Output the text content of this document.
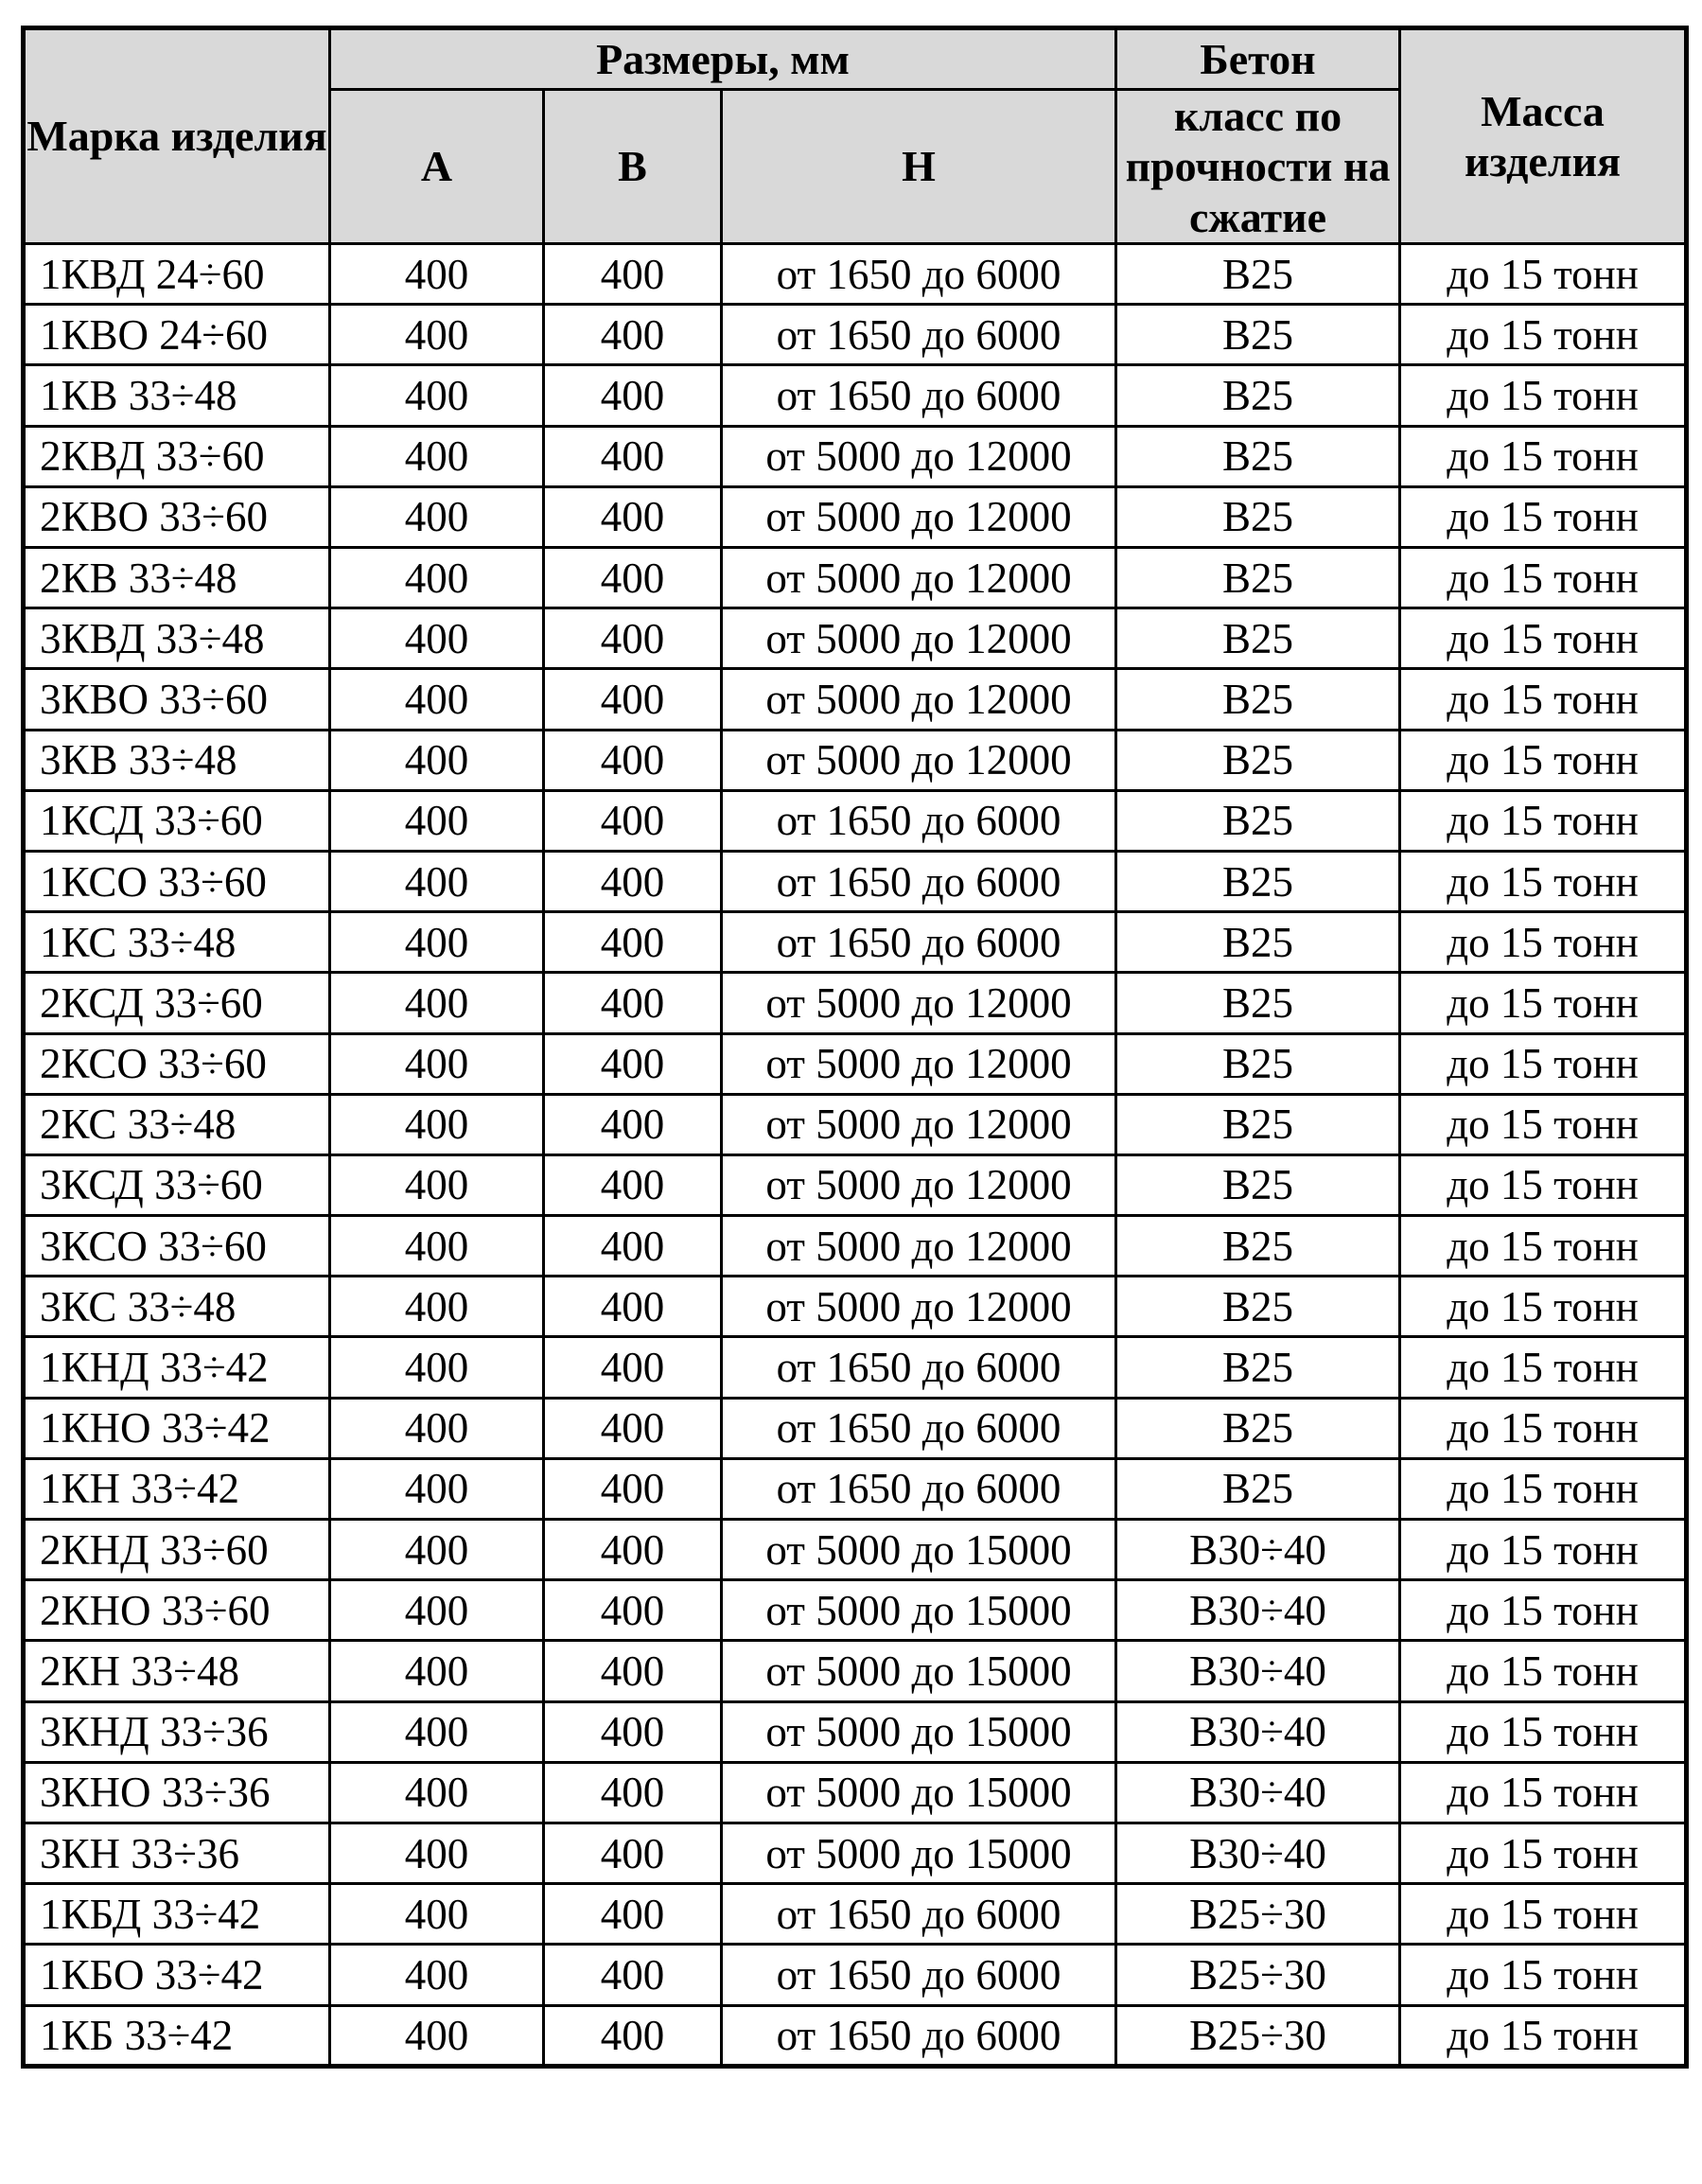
Марка изделия	Размеры, мм			Бетон	Масса изделия
	А	В	Н	класс по прочности на сжатие	
1КВД 24÷60	400	400	от 1650 до 6000	В25	до 15 тонн
1КВО 24÷60	400	400	от 1650 до 6000	В25	до 15 тонн
1КВ 33÷48	400	400	от 1650 до 6000	В25	до 15 тонн
2КВД 33÷60	400	400	от 5000 до 12000	В25	до 15 тонн
2КВО 33÷60	400	400	от 5000 до 12000	В25	до 15 тонн
2КВ 33÷48	400	400	от 5000 до 12000	В25	до 15 тонн
3КВД 33÷48	400	400	от 5000 до 12000	В25	до 15 тонн
3КВО 33÷60	400	400	от 5000 до 12000	В25	до 15 тонн
3КВ 33÷48	400	400	от 5000 до 12000	В25	до 15 тонн
1КСД 33÷60	400	400	от 1650 до 6000	В25	до 15 тонн
1КСО 33÷60	400	400	от 1650 до 6000	В25	до 15 тонн
1КС 33÷48	400	400	от 1650 до 6000	В25	до 15 тонн
2КСД 33÷60	400	400	от 5000 до 12000	В25	до 15 тонн
2КСО 33÷60	400	400	от 5000 до 12000	В25	до 15 тонн
2КС 33÷48	400	400	от 5000 до 12000	В25	до 15 тонн
3КСД 33÷60	400	400	от 5000 до 12000	В25	до 15 тонн
3КСО 33÷60	400	400	от 5000 до 12000	В25	до 15 тонн
3КС 33÷48	400	400	от 5000 до 12000	В25	до 15 тонн
1КНД 33÷42	400	400	от 1650 до 6000	В25	до 15 тонн
1КНО 33÷42	400	400	от 1650 до 6000	В25	до 15 тонн
1КН 33÷42	400	400	от 1650 до 6000	В25	до 15 тонн
2КНД 33÷60	400	400	от 5000 до 15000	В30÷40	до 15 тонн
2КНО 33÷60	400	400	от 5000 до 15000	В30÷40	до 15 тонн
2КН 33÷48	400	400	от 5000 до 15000	В30÷40	до 15 тонн
3КНД 33÷36	400	400	от 5000 до 15000	В30÷40	до 15 тонн
3КНО 33÷36	400	400	от 5000 до 15000	В30÷40	до 15 тонн
3КН 33÷36	400	400	от 5000 до 15000	В30÷40	до 15 тонн
1КБД 33÷42	400	400	от 1650 до 6000	В25÷30	до 15 тонн
1КБО 33÷42	400	400	от 1650 до 6000	В25÷30	до 15 тонн
1КБ 33÷42	400	400	от 1650 до 6000	В25÷30	до 15 тонн
